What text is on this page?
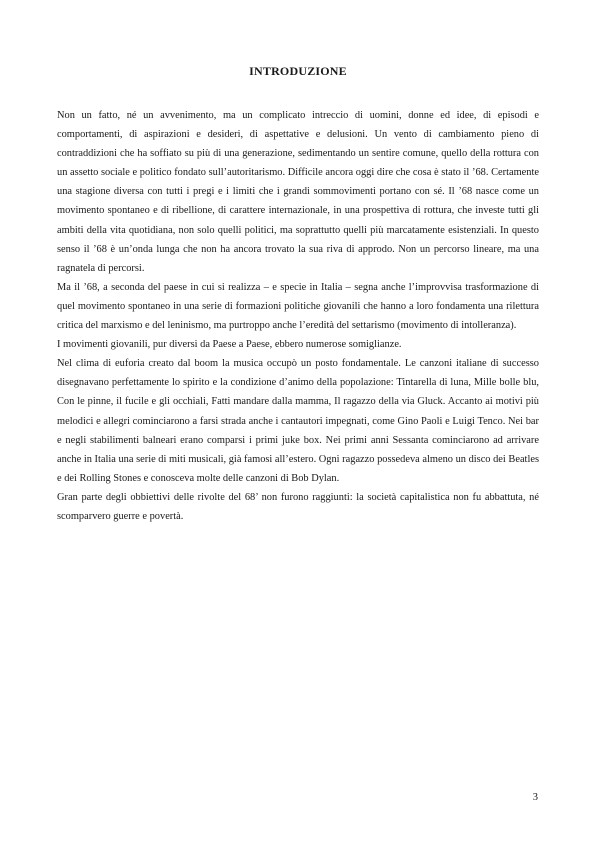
INTRODUZIONE

Non un fatto, né un avvenimento, ma un complicato intreccio di uomini, donne ed idee, di episodi e comportamenti, di aspirazioni e desideri, di aspettative e delusioni. Un vento di cambiamento pieno di contraddizioni che ha soffiato su più di una generazione, sedimentando un sentire comune, quello della rottura con un assetto sociale e politico fondato sull’autoritarismo. Difficile ancora oggi dire che cosa è stato il ’68. Certamente una stagione diversa con tutti i pregi e i limiti che i grandi sommovimenti portano con sé. Il ’68 nasce come un movimento spontaneo e di ribellione, di carattere internazionale, in una prospettiva di rottura, che investe tutti gli ambiti della vita quotidiana, non solo quelli politici, ma soprattutto quelli più marcatamente esistenziali. In questo senso il ’68 è un’onda lunga che non ha ancora trovato la sua riva di approdo. Non un percorso lineare, ma una ragnatela di percorsi.

Ma il ’68, a seconda del paese in cui si realizza – e specie in Italia – segna anche l’improvvisa trasformazione di quel movimento spontaneo in una serie di formazioni politiche giovanili che hanno a loro fondamenta una rilettura critica del marxismo e del leninismo, ma purtroppo anche l’eredità del settarismo (movimento di intolleranza).

I movimenti giovanili, pur diversi da Paese a Paese, ebbero numerose somiglianze.

Nel clima di euforia creato dal boom la musica occupò un posto fondamentale. Le canzoni italiane di successo disegnavano perfettamente lo spirito e la condizione d’animo della popolazione: Tintarella di luna, Mille bolle blu, Con le pinne, il fucile e gli occhiali, Fatti mandare dalla mamma, Il ragazzo della via Gluck. Accanto ai motivi più melodici e allegri cominciarono a farsi strada anche i cantautori impegnati, come Gino Paoli e Luigi Tenco. Nei bar e negli stabilimenti balneari erano comparsi i primi juke box. Nei primi anni Sessanta cominciarono ad arrivare anche in Italia una serie di miti musicali, già famosi all’estero. Ogni ragazzo possedeva almeno un disco dei Beatles e dei Rolling Stones e conosceva molte delle canzoni di Bob Dylan.

Gran parte degli obbiettivi delle rivolte del 68’ non furono raggiunti: la società capitalistica non fu abbattuta, né scomparvero guerre e povertà.

3
